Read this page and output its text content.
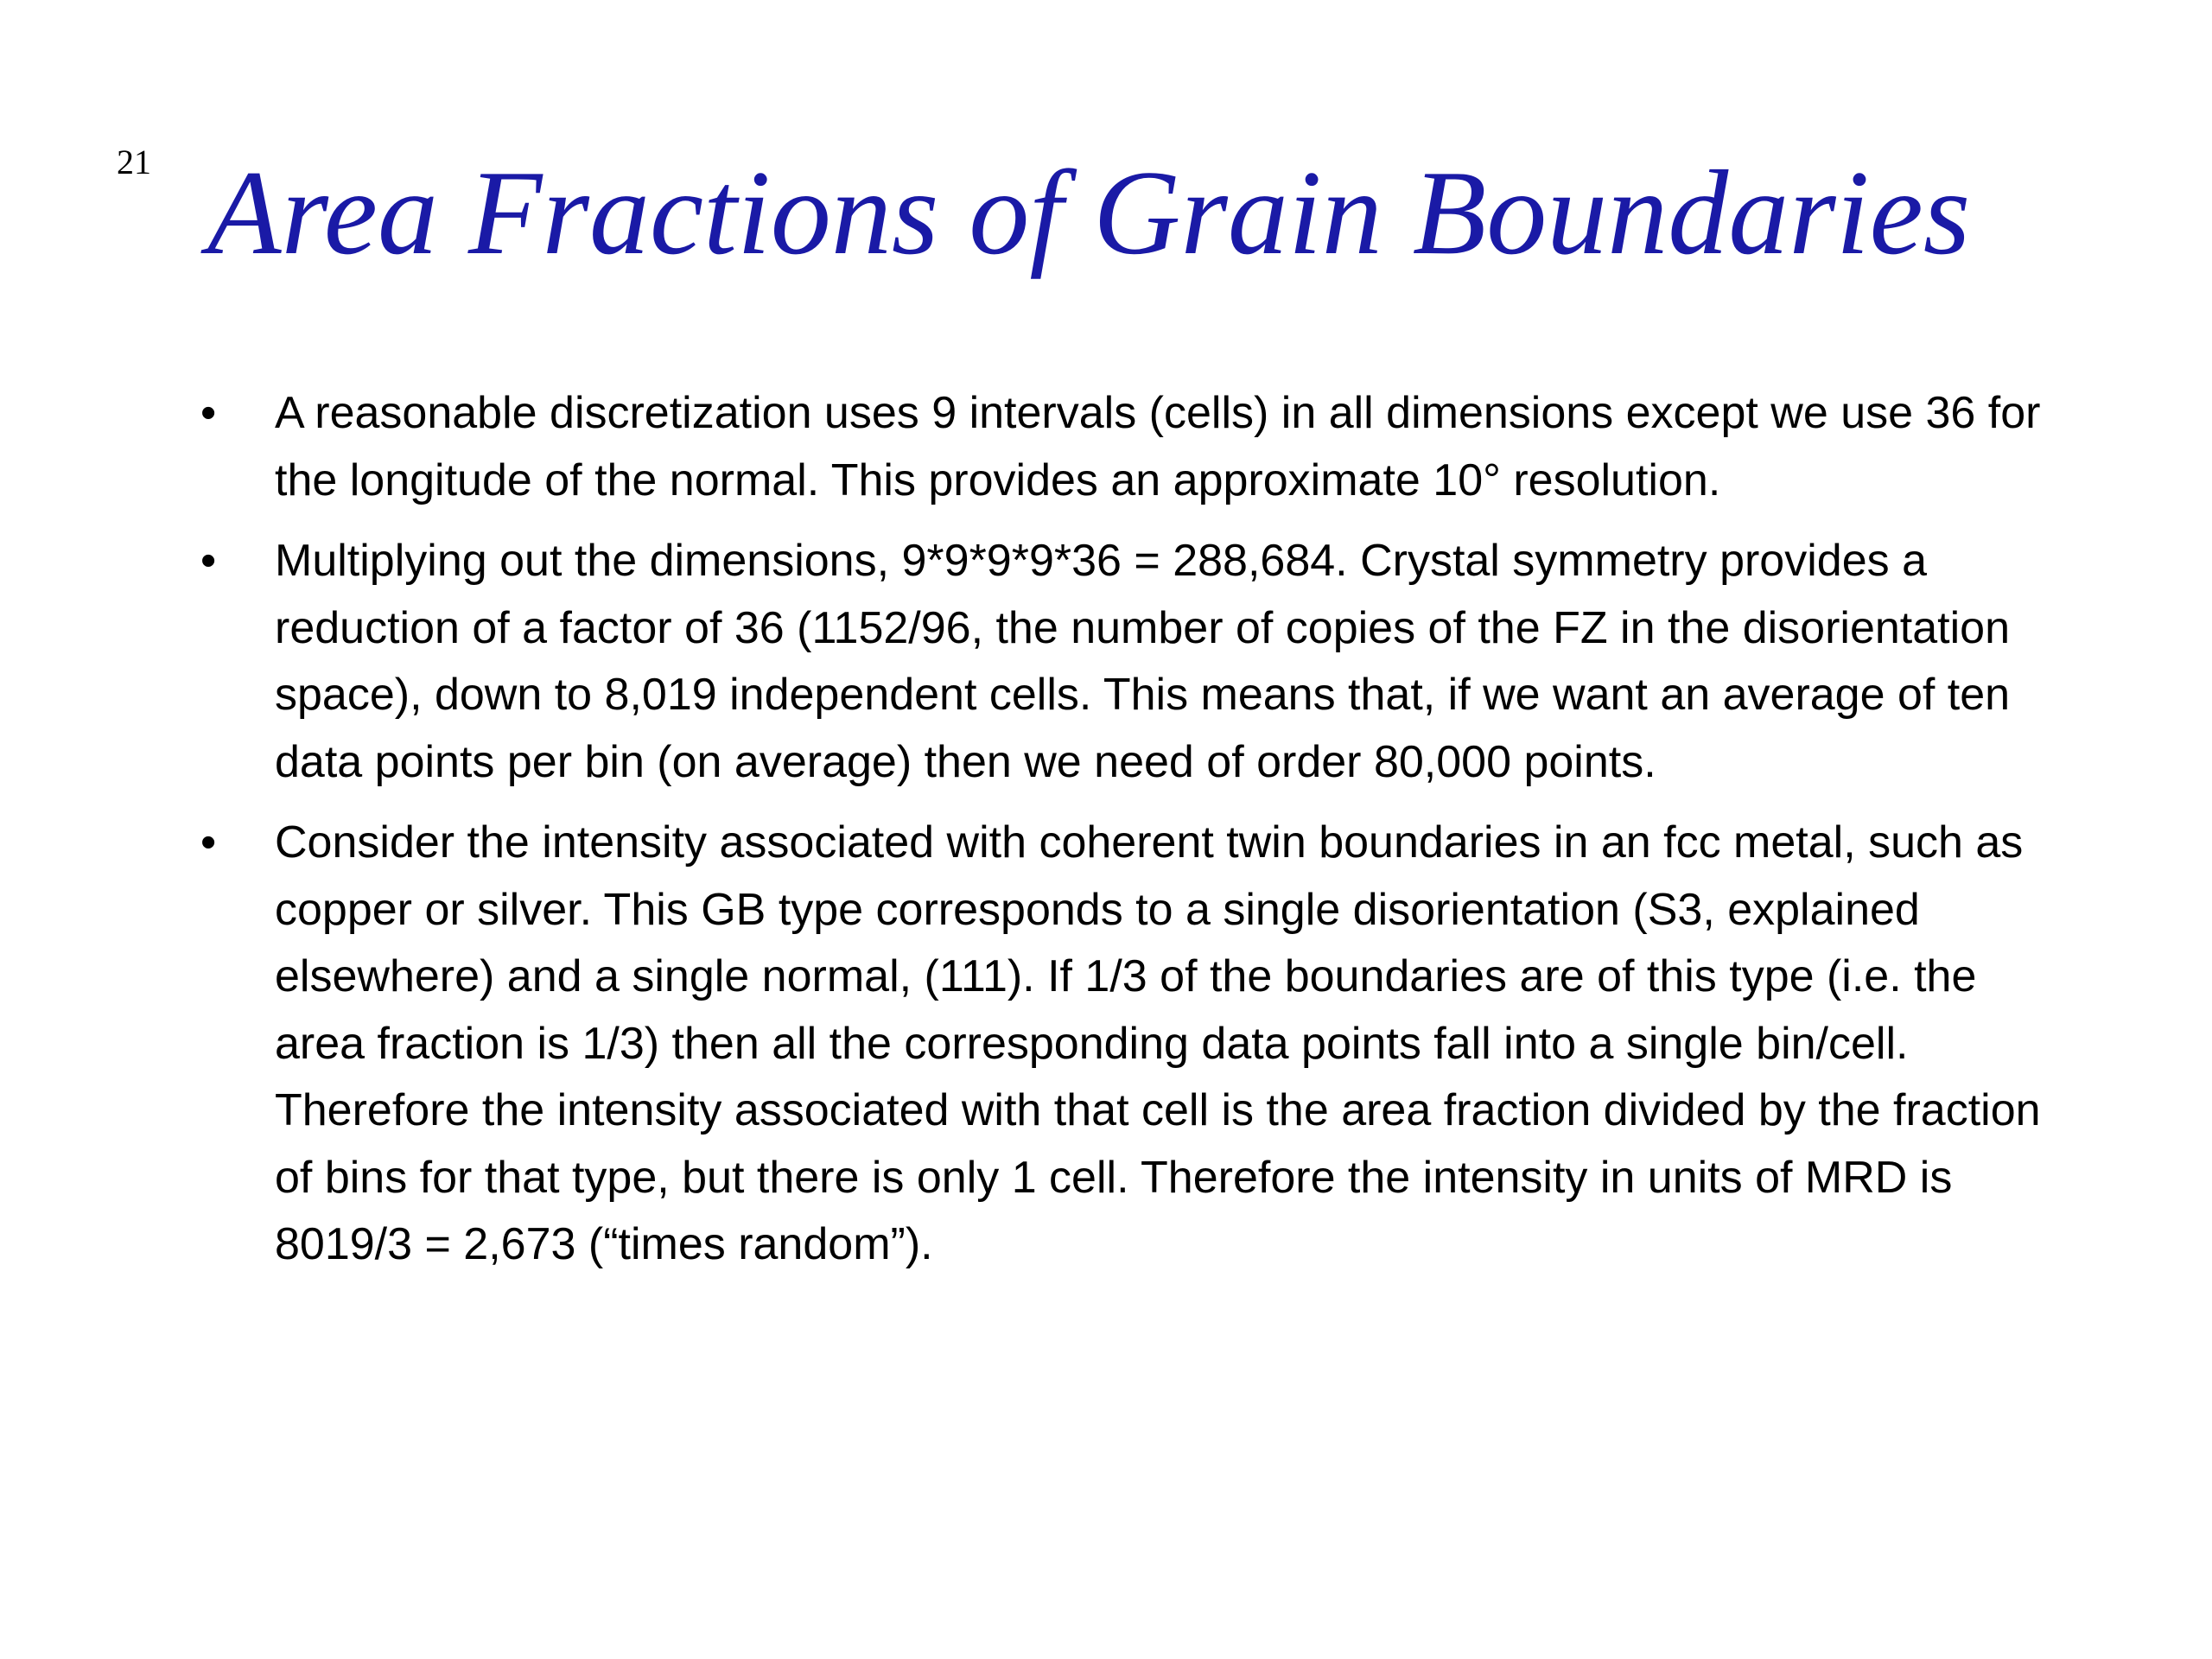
21 Area Fractions of Grain Boundaries
• A reasonable discretization uses 9 intervals (cells) in all dimensions except we use 36 for the longitude of the normal. This provides an approximate 10° resolution.
• Multiplying out the dimensions, 9*9*9*9*36 = 288,684. Crystal symmetry provides a reduction of a factor of 36 (1152/96, the number of copies of the FZ in the disorientation space), down to 8,019 independent cells. This means that, if we want an average of ten data points per bin (on average) then we need of order 80,000 points.
• Consider the intensity associated with coherent twin boundaries in an fcc metal, such as copper or silver. This GB type corresponds to a single disorientation (S3, explained elsewhere) and a single normal, (111). If 1/3 of the boundaries are of this type (i.e. the area fraction is 1/3) then all the corresponding data points fall into a single bin/cell. Therefore the intensity associated with that cell is the area fraction divided by the fraction of bins for that type, but there is only 1 cell. Therefore the intensity in units of MRD is 8019/3 = 2,673 (“times random”).
